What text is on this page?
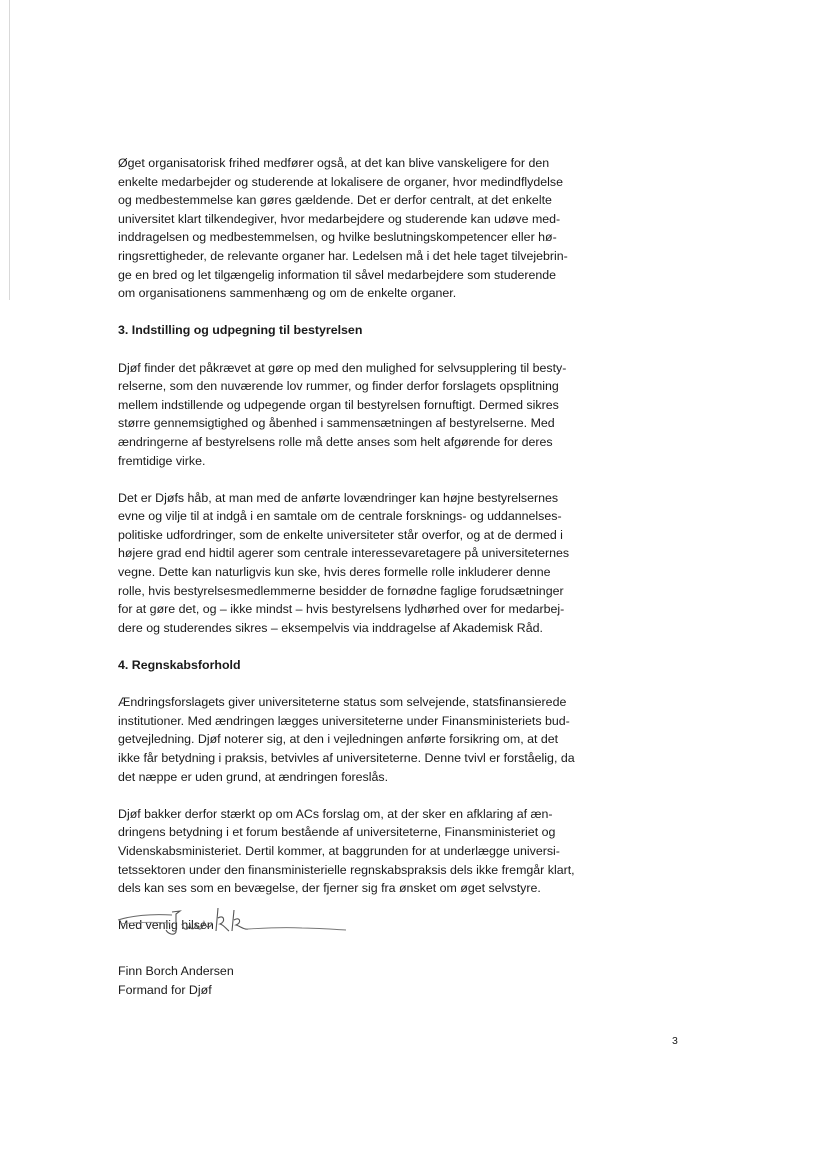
Øget organisatorisk frihed medfører også, at det kan blive vanskeligere for den
enkelte medarbejder og studerende at lokalisere de organer, hvor medindflydelse
og medbestemmelse kan gøres gældende. Det er derfor centralt, at det enkelte
universitet klart tilkendegiver, hvor medarbejdere og studerende kan udøve med-
inddragelsen og medbestemmelsen, og hvilke beslutningskompetencer eller hø-
ringsrettigheder, de relevante organer har. Ledelsen må i det hele taget tilvejebrin-
ge en bred og let tilgængelig information til såvel medarbejdere som studerende
om organisationens sammenhæng og om de enkelte organer.

3. Indstilling og udpegning til bestyrelsen

Djøf finder det påkrævet at gøre op med den mulighed for selvsupplering til besty-
relserne, som den nuværende lov rummer, og finder derfor forslagets opsplitning
mellem indstillende og udpegende organ til bestyrelsen fornuftigt. Dermed sikres
større gennemsigtighed og åbenhed i sammensætningen af bestyrelserne. Med
ændringerne af bestyrelsens rolle må dette anses som helt afgørende for deres
fremtidige virke.

Det er Djøfs håb, at man med de anførte lovændringer kan højne bestyrelsernes
evne og vilje til at indgå i en samtale om de centrale forsknings- og uddannelses-
politiske udfordringer, som de enkelte universiteter står overfor, og at de dermed i
højere grad end hidtil agerer som centrale interessevaretagere på universiteternes
vegne. Dette kan naturligvis kun ske, hvis deres formelle rolle inkluderer denne
rolle, hvis bestyrelsesmedlemmerne besidder de fornødne faglige forudsætninger
for at gøre det, og – ikke mindst – hvis bestyrelsens lydhørhed over for medarbej-
dere og studerendes sikres – eksempelvis via inddragelse af Akademisk Råd.

4. Regnskabsforhold

Ændringsforslagets giver universiteterne status som selvejende, statsfinansierede
institutioner. Med ændringen lægges universiteterne under Finansministeriets bud-
getvejledning. Djøf noterer sig, at den i vejledningen anførte forsikring om, at det
ikke får betydning i praksis, betvivles af universiteterne. Denne tvivl er forståelig, da
det næppe er uden grund, at ændringen foreslås.

Djøf bakker derfor stærkt op om ACs forslag om, at der sker en afklaring af æn-
dringens betydning i et forum bestående af universiteterne, Finansministeriet og
Videnskabsministeriet. Dertil kommer, at baggrunden for at underlægge universi-
tetssektoren under den finansministerielle regnskabspraksis dels ikke fremgår klart,
dels kan ses som en bevægelse, der fjerner sig fra ønsket om øget selvstyre.

Med venlig hilsen

Finn Borch Andersen
Formand for Djøf
3
